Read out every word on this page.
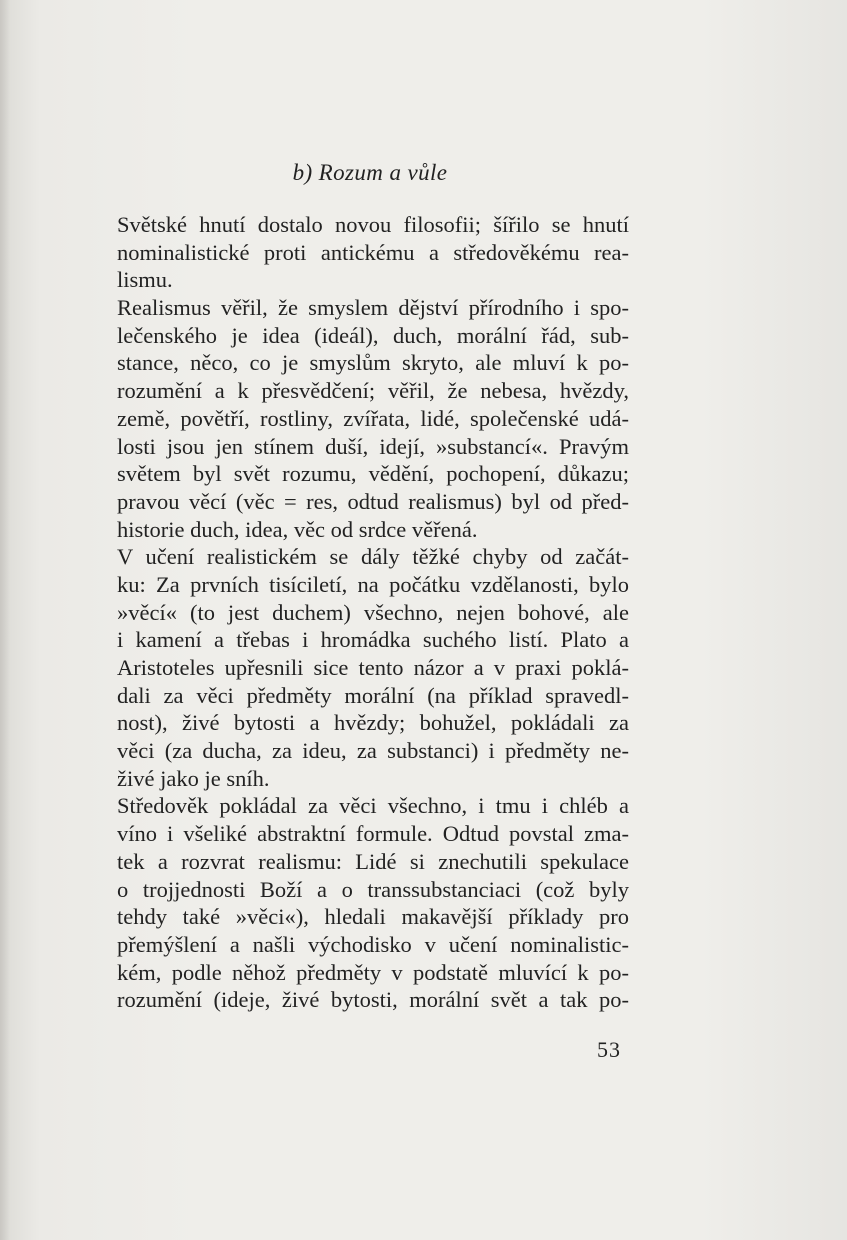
b) Rozum a vůle
Světské hnutí dostalo novou filosofii; šířilo se hnutí
nominalistické proti antickému a středověkému rea-
lismu.
Realismus věřil, že smyslem dějství přírodního i spo-
lečenského je idea (ideál), duch, morální řád, sub-
stance, něco, co je smyslům skryto, ale mluví k po-
rozumění a k přesvědčení; věřil, že nebesa, hvězdy,
země, povětří, rostliny, zvířata, lidé, společenské udá-
losti jsou jen stínem duší, idejí, »substancí«. Pravým
světem byl svět rozumu, vědění, pochopení, důkazu;
pravou věcí (věc = res, odtud realismus) byl od před-
historie duch, idea, věc od srdce věřená.
V učení realistickém se dály těžké chyby od začát-
ku: Za prvních tisíciletí, na počátku vzdělanosti, bylo
»věcí« (to jest duchem) všechno, nejen bohové, ale
i kamení a třebas i hromádka suchého listí. Plato a
Aristoteles upřesnili sice tento názor a v praxi poklá-
dali za věci předměty morální (na příklad spravedl-
nost), živé bytosti a hvězdy; bohužel, pokládali za
věci (za ducha, za ideu, za substanci) i předměty ne-
živé jako je sníh.
Středověk pokládal za věci všechno, i tmu i chléb a
víno i všeliké abstraktní formule. Odtud povstal zma-
tek a rozvrat realismu: Lidé si znechutili spekulace
o trojjednosti Boží a o transsubstanciaci (což byly
tehdy také »věci«), hledali makavější příklady pro
přemýšlení a našli východisko v učení nominalistic-
kém, podle něhož předměty v podstatě mluvící k po-
rozumění (ideje, živé bytosti, morální svět a tak po-
53
